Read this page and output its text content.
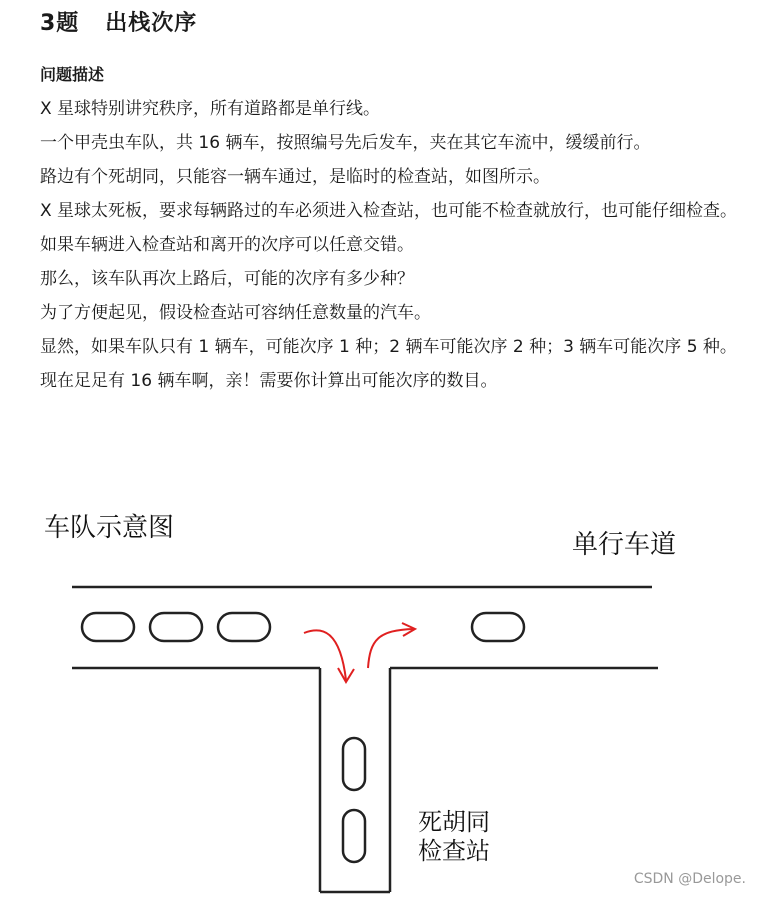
3题   出栈次序
问题描述

X 星球特别讲究秩序，所有道路都是单行线。

一个甲壳虫车队，共 16 辆车，按照编号先后发车，夹在其它车流中，缓缓前行。

路边有个死胡同，只能容一辆车通过，是临时的检查站，如图所示。

X 星球太死板，要求每辆路过的车必须进入检查站，也可能不检查就放行，也可能仔细检查。

如果车辆进入检查站和离开的次序可以任意交错。

那么，该车队再次上路后，可能的次序有多少种？

为了方便起见，假设检查站可容纳任意数量的汽车。

显然，如果车队只有 1 辆车，可能次序 1 种；2 辆车可能次序 2 种；3 辆车可能次序 5 种。

现在足足有 16 辆车啊，亲！需要你计算出可能次序的数目。

车队示意图
单行车道
死胡同
检查站
CSDN @Delope.
